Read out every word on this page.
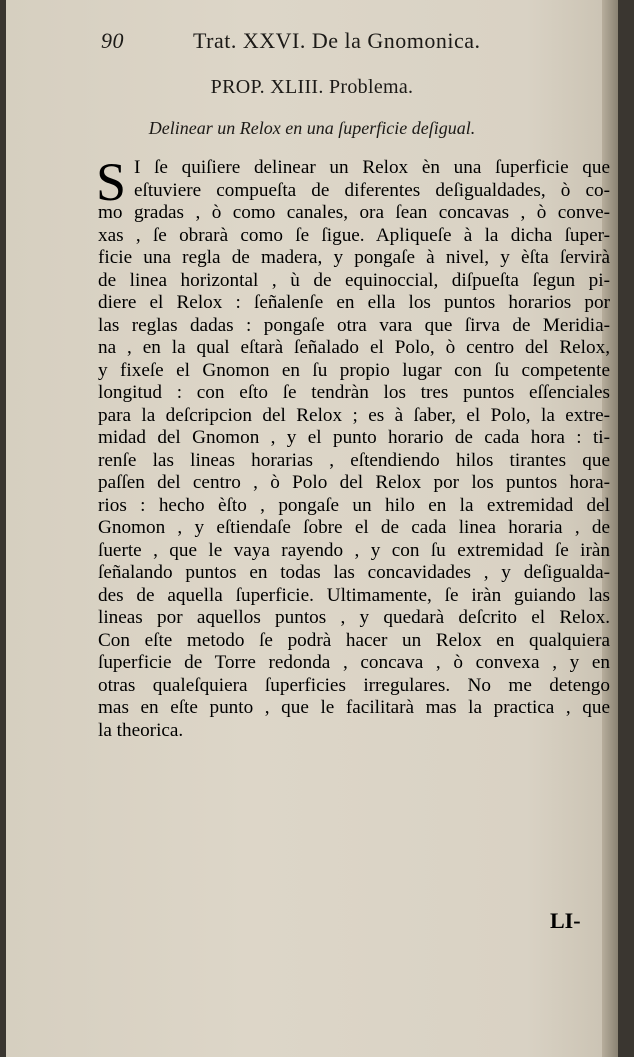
90	Trat. XXVI. De la Gnomonica.
PROP. XLIII. Problema.
Delinear un Relox en una ſuperficie deſigual.
S I ſe quiſiere delinear un Relox èn una ſuperficie que
eſtuviere compueſta de diferentes deſigualdades, ò co-
mo gradas , ò como canales, ora ſean concavas , ò conve-
xas , ſe obrarà como ſe ſigue. Apliqueſe à la dicha ſuper-
ficie una regla de madera, y pongaſe à nivel, y èſta ſervirà
de linea horizontal , ù de equinoccial, diſpueſta ſegun pi-
diere el Relox : ſeñalenſe en ella los puntos horarios por
las reglas dadas : pongaſe otra vara que ſirva de Meridia-
na , en la qual eſtarà ſeñalado el Polo, ò centro del Relox,
y fixeſe el Gnomon en ſu propio lugar con ſu competente
longitud : con eſto ſe tendràn los tres puntos eſſenciales
para la deſcripcion del Relox ; es à ſaber, el Polo, la extre-
midad del Gnomon , y el punto horario de cada hora : ti-
renſe las lineas horarias , eſtendiendo hilos tirantes que
paſſen del centro , ò Polo del Relox por los puntos hora-
rios : hecho èſto , pongaſe un hilo en la extremidad del
Gnomon , y eſtiendaſe ſobre el de cada linea horaria , de
ſuerte , que le vaya rayendo , y con ſu extremidad ſe iràn
ſeñalando puntos en todas las concavidades , y deſigualda-
des de aquella ſuperficie. Ultimamente, ſe iràn guiando las
lineas por aquellos puntos , y quedarà deſcrito el Relox.
Con eſte metodo ſe podrà hacer un Relox en qualquiera
ſuperficie de Torre redonda , concava , ò convexa , y en
otras qualeſquiera ſuperficies irregulares. No me detengo
mas en eſte punto , que le facilitarà mas la practica , que
la theorica.
LI-
